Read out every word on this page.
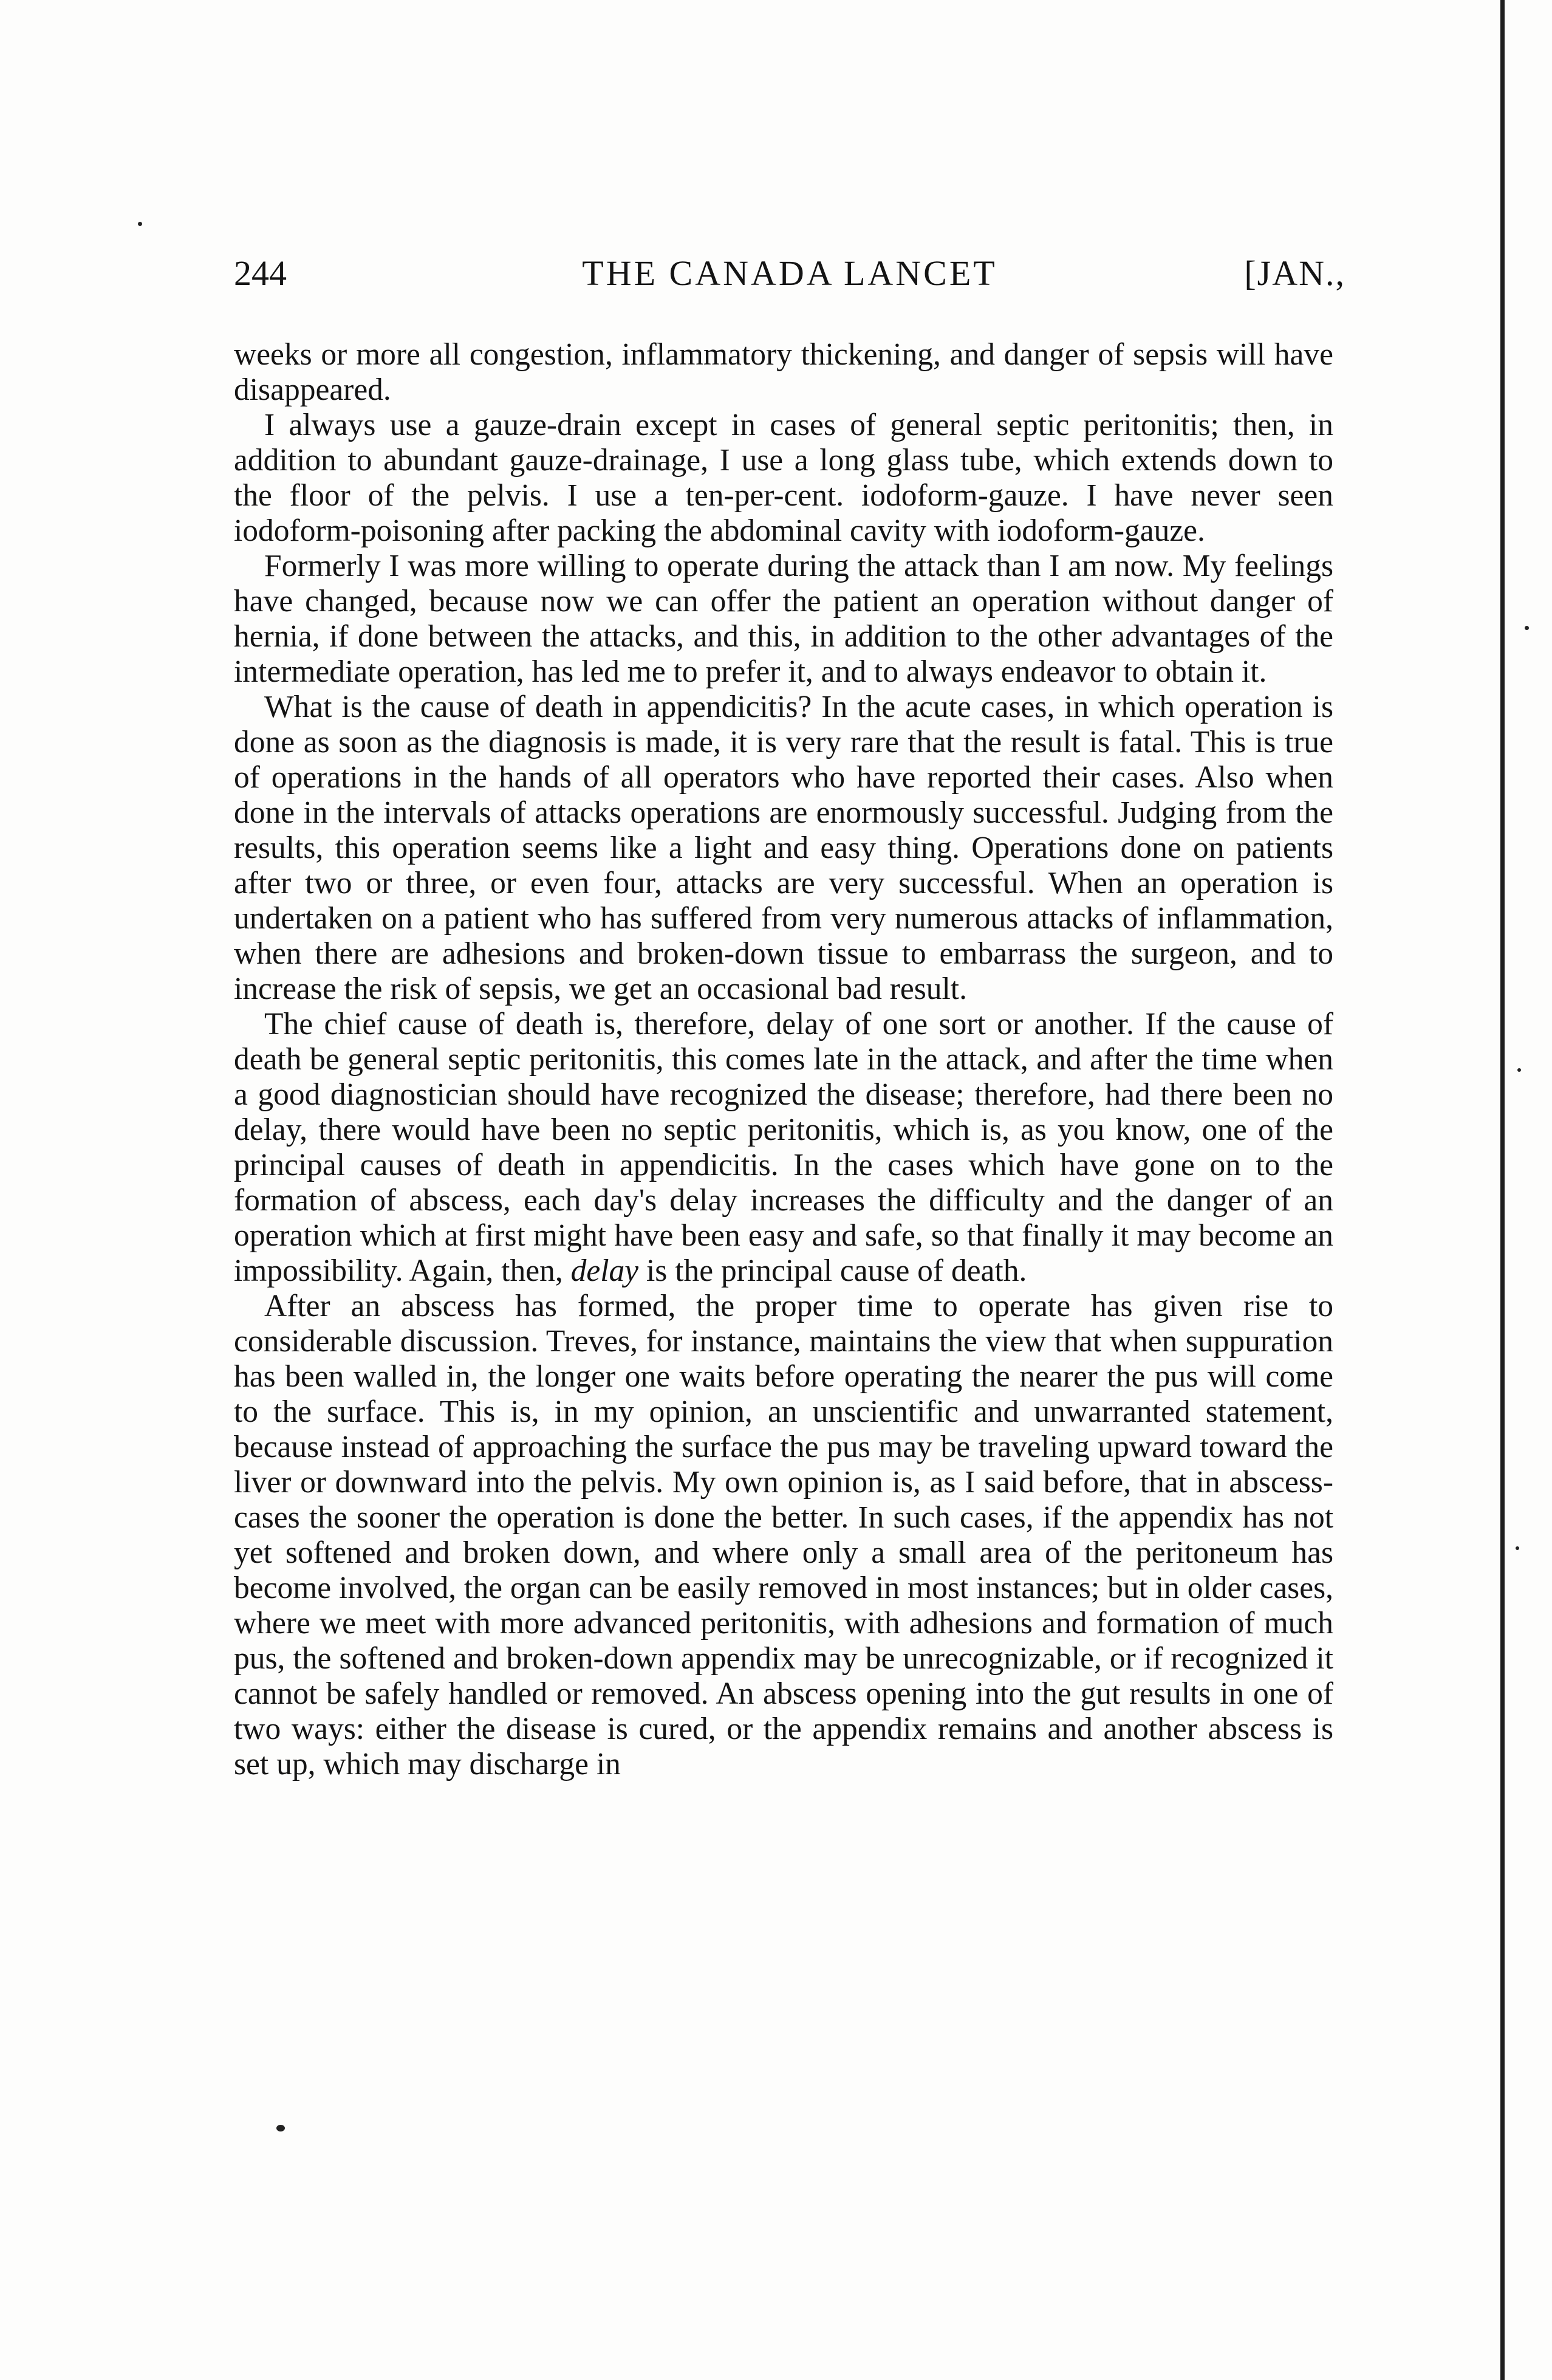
244	THE CANADA LANCET	[JAN.,

weeks or more all congestion, inflammatory thickening, and danger of sepsis will have disappeared.

I always use a gauze-drain except in cases of general septic peritonitis; then, in addition to abundant gauze-drainage, I use a long glass tube, which extends down to the floor of the pelvis. I use a ten-per-cent. iodoform-gauze. I have never seen iodoform-poisoning after packing the abdominal cavity with iodoform-gauze.

Formerly I was more willing to operate during the attack than I am now. My feelings have changed, because now we can offer the patient an operation without danger of hernia, if done between the attacks, and this, in addition to the other advantages of the intermediate operation, has led me to prefer it, and to always endeavor to obtain it.

What is the cause of death in appendicitis? In the acute cases, in which operation is done as soon as the diagnosis is made, it is very rare that the result is fatal. This is true of operations in the hands of all operators who have reported their cases. Also when done in the intervals of attacks operations are enormously successful. Judging from the results, this operation seems like a light and easy thing. Operations done on patients after two or three, or even four, attacks are very successful. When an operation is undertaken on a patient who has suffered from very numerous attacks of inflammation, when there are adhesions and broken-down tissue to embarrass the surgeon, and to increase the risk of sepsis, we get an occasional bad result.

The chief cause of death is, therefore, delay of one sort or another. If the cause of death be general septic peritonitis, this comes late in the attack, and after the time when a good diagnostician should have recognized the disease; therefore, had there been no delay, there would have been no septic peritonitis, which is, as you know, one of the principal causes of death in appendicitis. In the cases which have gone on to the formation of abscess, each day's delay increases the difficulty and the danger of an operation which at first might have been easy and safe, so that finally it may become an impossibility. Again, then, delay is the principal cause of death.

After an abscess has formed, the proper time to operate has given rise to considerable discussion. Treves, for instance, maintains the view that when suppuration has been walled in, the longer one waits before operating the nearer the pus will come to the surface. This is, in my opinion, an unscientific and unwarranted statement, because instead of approaching the surface the pus may be traveling upward toward the liver or downward into the pelvis. My own opinion is, as I said before, that in abscess-cases the sooner the operation is done the better. In such cases, if the appendix has not yet softened and broken down, and where only a small area of the peritoneum has become involved, the organ can be easily removed in most instances; but in older cases, where we meet with more advanced peritonitis, with adhesions and formation of much pus, the softened and broken-down appendix may be unrecognizable, or if recognized it cannot be safely handled or removed. An abscess opening into the gut results in one of two ways: either the disease is cured, or the appendix remains and another abscess is set up, which may discharge in
